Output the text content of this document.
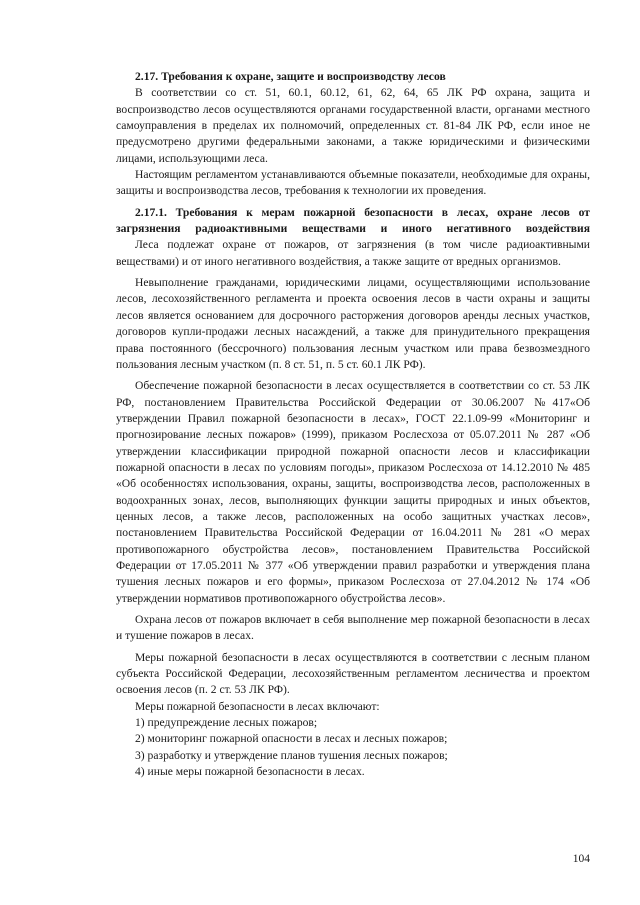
2.17. Требования к охране, защите и воспроизводству лесов

В соответствии со ст. 51, 60.1, 60.12, 61, 62, 64, 65 ЛК РФ охрана, защита и воспроизводство лесов осуществляются органами государственной власти, органами местного самоуправления в пределах их полномочий, определенных ст. 81-84 ЛК РФ, если иное не предусмотрено другими федеральными законами, а также юридическими и физическими лицами, использующими леса.

Настоящим регламентом устанавливаются объемные показатели, необходимые для охраны, защиты и воспроизводства лесов, требования к технологии их проведения.

2.17.1. Требования к мерам пожарной безопасности в лесах, охране лесов от загрязнения радиоактивными веществами и иного негативного воздействия

Леса подлежат охране от пожаров, от загрязнения (в том числе радиоактивными веществами) и от иного негативного воздействия, а также защите от вредных организмов.

Невыполнение гражданами, юридическими лицами, осуществляющими использование лесов, лесохозяйственного регламента и проекта освоения лесов в части охраны и защиты лесов является основанием для досрочного расторжения договоров аренды лесных участков, договоров купли-продажи лесных насаждений, а также для принудительного прекращения права постоянного (бессрочного) пользования лесным участком или права безвозмездного пользования лесным участком (п. 8 ст. 51, п. 5 ст. 60.1 ЛК РФ).

Обеспечение пожарной безопасности в лесах осуществляется в соответствии со ст. 53 ЛК РФ, постановлением Правительства Российской Федерации от 30.06.2007 №417«Об утверждении Правил пожарной безопасности в лесах», ГОСТ 22.1.09-99 «Мониторинг и прогнозирование лесных пожаров» (1999), приказом Рослесхоза от 05.07.2011 № 287 «Об утверждении классификации природной пожарной опасности лесов и классификации пожарной опасности в лесах по условиям погоды», приказом Рослесхоза от 14.12.2010 № 485 «Об особенностях использования, охраны, защиты, воспроизводства лесов, расположенных в водоохранных зонах, лесов, выполняющих функции защиты природных и иных объектов, ценных лесов, а также лесов, расположенных на особо защитных участках лесов», постановлением Правительства Российской Федерации от 16.04.2011 № 281 «О мерах противопожарного обустройства лесов», постановлением Правительства Российской Федерации от 17.05.2011 № 377 «Об утверждении правил разработки и утверждения плана тушения лесных пожаров и его формы», приказом Рослесхоза от 27.04.2012 № 174 «Об утверждении нормативов противопожарного обустройства лесов».

Охрана лесов от пожаров включает в себя выполнение мер пожарной безопасности в лесах и тушение пожаров в лесах.

Меры пожарной безопасности в лесах осуществляются в соответствии с лесным планом субъекта Российской Федерации, лесохозяйственным регламентом лесничества и проектом освоения лесов (п. 2 ст. 53 ЛК РФ).

Меры пожарной безопасности в лесах включают:

1) предупреждение лесных пожаров;

2) мониторинг пожарной опасности в лесах и лесных пожаров;

3) разработку и утверждение планов тушения лесных пожаров;

4) иные меры пожарной безопасности в лесах.

104
